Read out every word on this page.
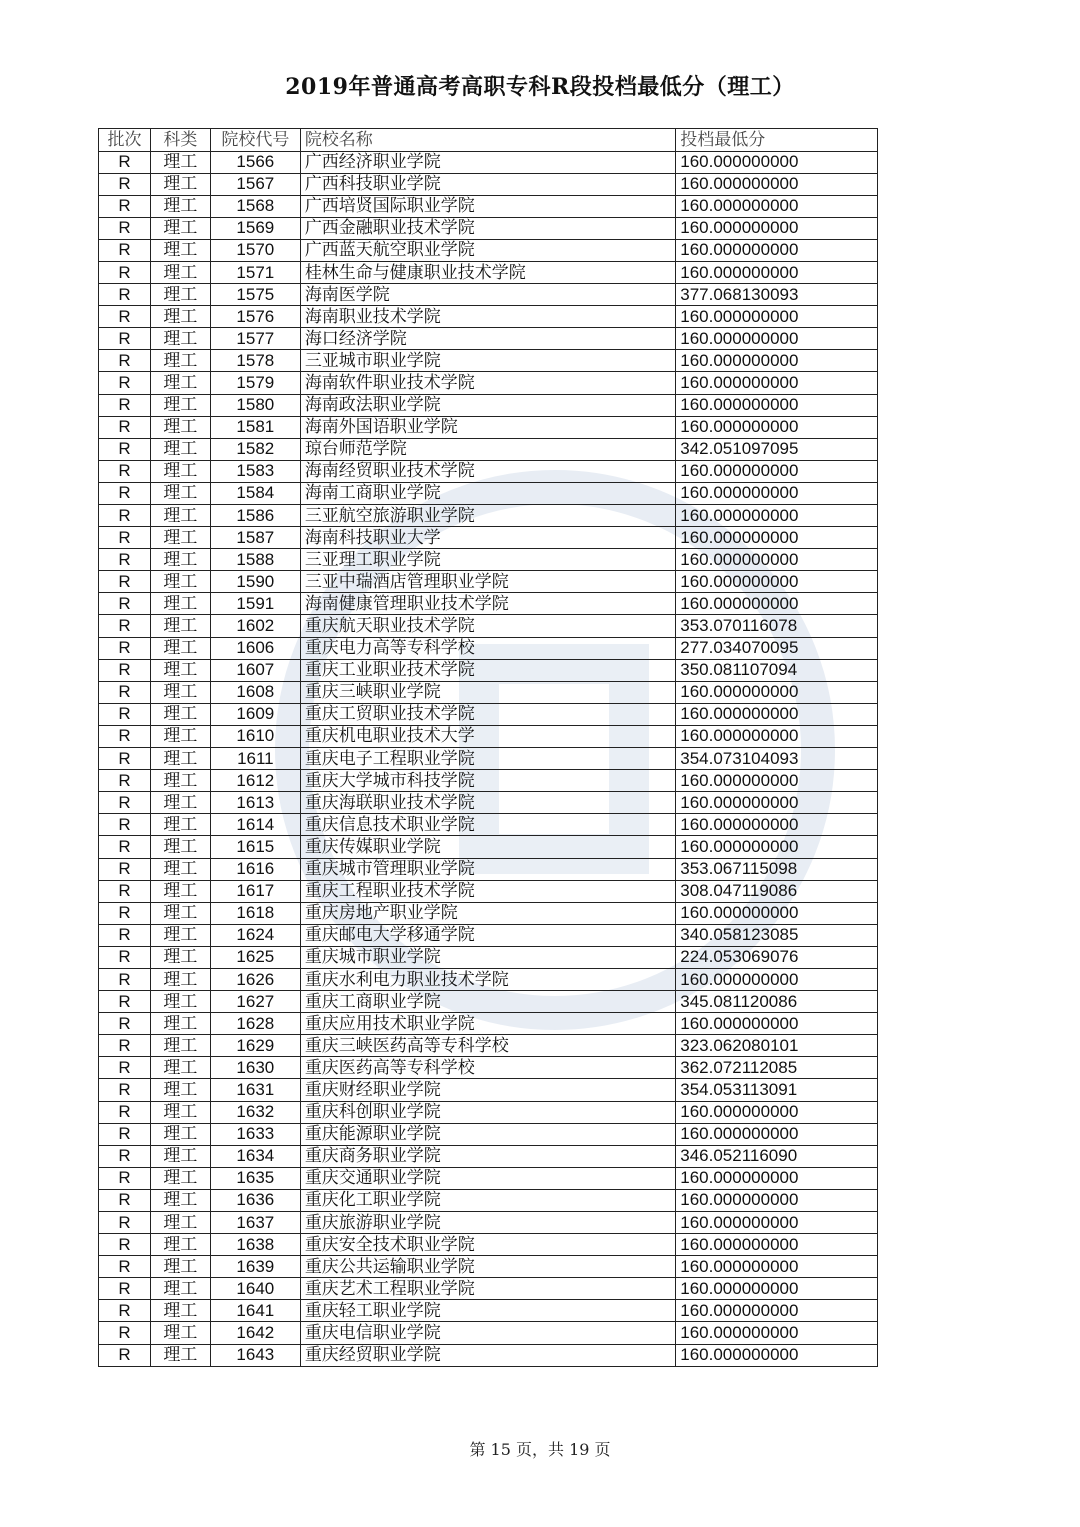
2019年普通高考高职专科R段投档最低分（理工）
批次	科类	院校代号	院校名称	投档最低分
R	理工	1566	广西经济职业学院	160.000000000
R	理工	1567	广西科技职业学院	160.000000000
R	理工	1568	广西培贤国际职业学院	160.000000000
R	理工	1569	广西金融职业技术学院	160.000000000
R	理工	1570	广西蓝天航空职业学院	160.000000000
R	理工	1571	桂林生命与健康职业技术学院	160.000000000
R	理工	1575	海南医学院	377.068130093
R	理工	1576	海南职业技术学院	160.000000000
R	理工	1577	海口经济学院	160.000000000
R	理工	1578	三亚城市职业学院	160.000000000
R	理工	1579	海南软件职业技术学院	160.000000000
R	理工	1580	海南政法职业学院	160.000000000
R	理工	1581	海南外国语职业学院	160.000000000
R	理工	1582	琼台师范学院	342.051097095
R	理工	1583	海南经贸职业技术学院	160.000000000
R	理工	1584	海南工商职业学院	160.000000000
R	理工	1586	三亚航空旅游职业学院	160.000000000
R	理工	1587	海南科技职业大学	160.000000000
R	理工	1588	三亚理工职业学院	160.000000000
R	理工	1590	三亚中瑞酒店管理职业学院	160.000000000
R	理工	1591	海南健康管理职业技术学院	160.000000000
R	理工	1602	重庆航天职业技术学院	353.070116078
R	理工	1606	重庆电力高等专科学校	277.034070095
R	理工	1607	重庆工业职业技术学院	350.081107094
R	理工	1608	重庆三峡职业学院	160.000000000
R	理工	1609	重庆工贸职业技术学院	160.000000000
R	理工	1610	重庆机电职业技术大学	160.000000000
R	理工	1611	重庆电子工程职业学院	354.073104093
R	理工	1612	重庆大学城市科技学院	160.000000000
R	理工	1613	重庆海联职业技术学院	160.000000000
R	理工	1614	重庆信息技术职业学院	160.000000000
R	理工	1615	重庆传媒职业学院	160.000000000
R	理工	1616	重庆城市管理职业学院	353.067115098
R	理工	1617	重庆工程职业技术学院	308.047119086
R	理工	1618	重庆房地产职业学院	160.000000000
R	理工	1624	重庆邮电大学移通学院	340.058123085
R	理工	1625	重庆城市职业学院	224.053069076
R	理工	1626	重庆水利电力职业技术学院	160.000000000
R	理工	1627	重庆工商职业学院	345.081120086
R	理工	1628	重庆应用技术职业学院	160.000000000
R	理工	1629	重庆三峡医药高等专科学校	323.062080101
R	理工	1630	重庆医药高等专科学校	362.072112085
R	理工	1631	重庆财经职业学院	354.053113091
R	理工	1632	重庆科创职业学院	160.000000000
R	理工	1633	重庆能源职业学院	160.000000000
R	理工	1634	重庆商务职业学院	346.052116090
R	理工	1635	重庆交通职业学院	160.000000000
R	理工	1636	重庆化工职业学院	160.000000000
R	理工	1637	重庆旅游职业学院	160.000000000
R	理工	1638	重庆安全技术职业学院	160.000000000
R	理工	1639	重庆公共运输职业学院	160.000000000
R	理工	1640	重庆艺术工程职业学院	160.000000000
R	理工	1641	重庆轻工职业学院	160.000000000
R	理工	1642	重庆电信职业学院	160.000000000
R	理工	1643	重庆经贸职业学院	160.000000000
第 15 页，共 19 页
